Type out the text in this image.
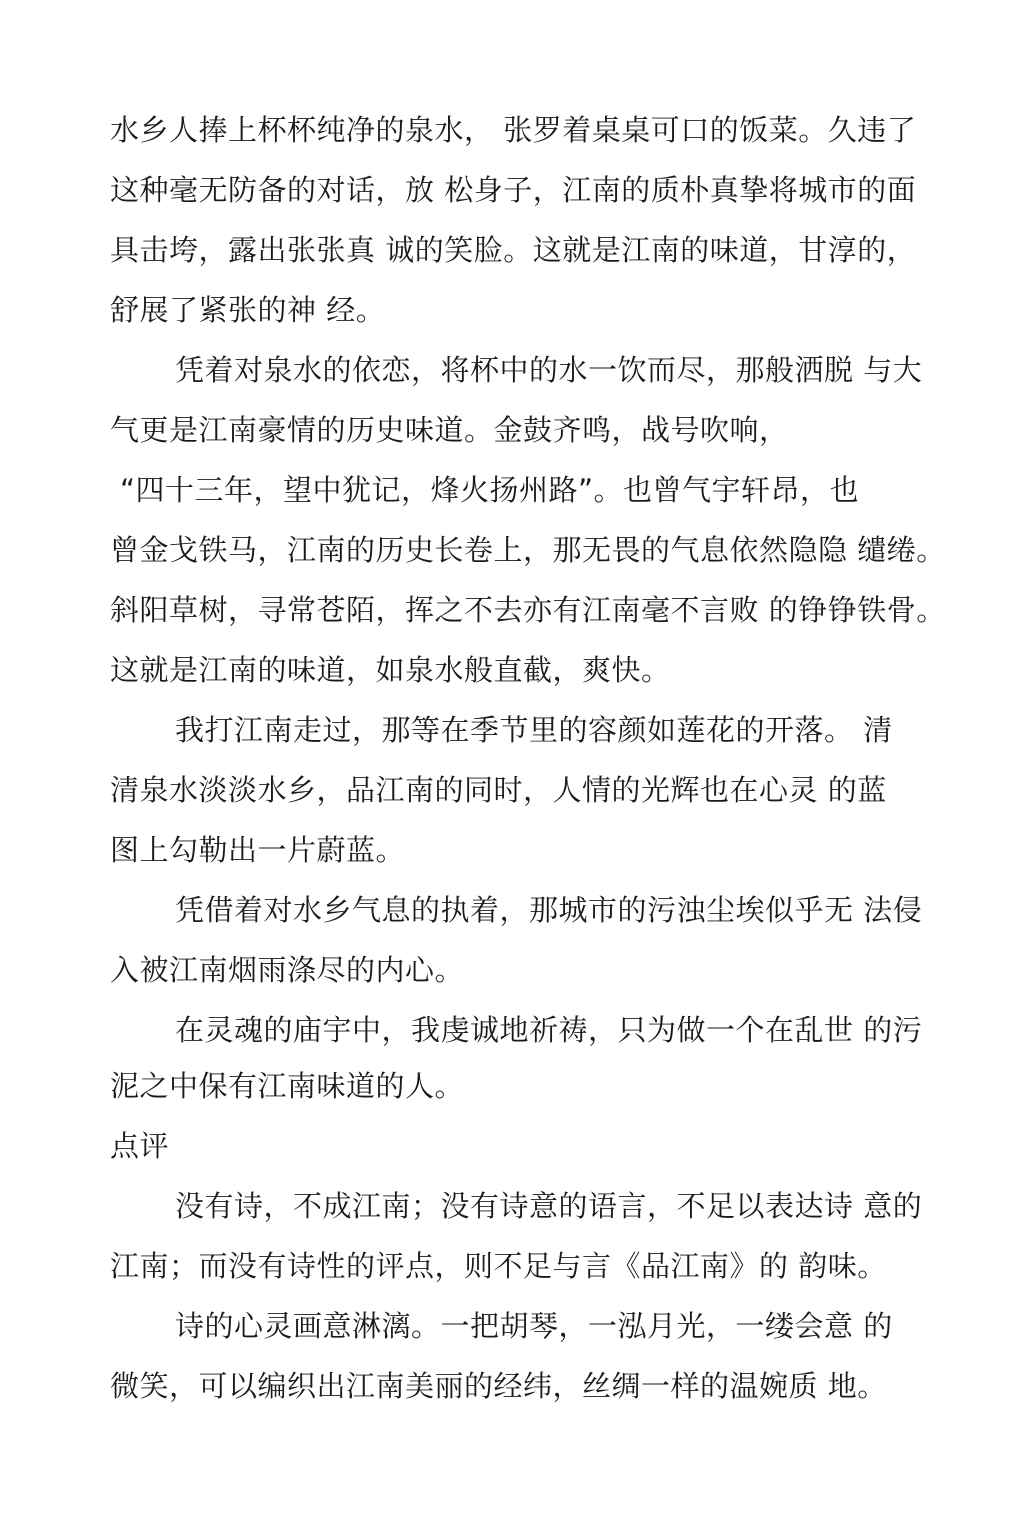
水乡人捧上杯杯纯净的泉水， 张罗着桌桌可口的饭菜。久违了
这种毫无防备的对话，放 松身子，江南的质朴真挚将城市的面
具击垮，露出张张真 诚的笑脸。这就是江南的味道，甘淳的，
舒展了紧张的神 经。
凭着对泉水的依恋，将杯中的水一饮而尽，那般洒脱 与大
气更是江南豪情的历史味道。金鼓齐鸣，战号吹响，
“四十三年，望中犹记，烽火扬州路”。也曾气宇轩昂，也
曾金戈铁马，江南的历史长卷上，那无畏的气息依然隐隐 缱绻。
斜阳草树，寻常苍陌，挥之不去亦有江南毫不言败 的铮铮铁骨。
这就是江南的味道，如泉水般直截，爽快。
我打江南走过，那等在季节里的容颜如莲花的开落。 清
清泉水淡淡水乡，品江南的同时，人情的光辉也在心灵 的蓝
图上勾勒出一片蔚蓝。
凭借着对水乡气息的执着，那城市的污浊尘埃似乎无 法侵
入被江南烟雨涤尽的内心。
在灵魂的庙宇中，我虔诚地祈祷，只为做一个在乱世 的污
泥之中保有江南味道的人。
点评
没有诗，不成江南；没有诗意的语言，不足以表达诗 意的
江南；而没有诗性的评点，则不足与言《品江南》的 韵味。
诗的心灵画意淋漓。一把胡琴，一泓月光，一缕会意 的
微笑，可以编织出江南美丽的经纬，丝绸一样的温婉质 地。
